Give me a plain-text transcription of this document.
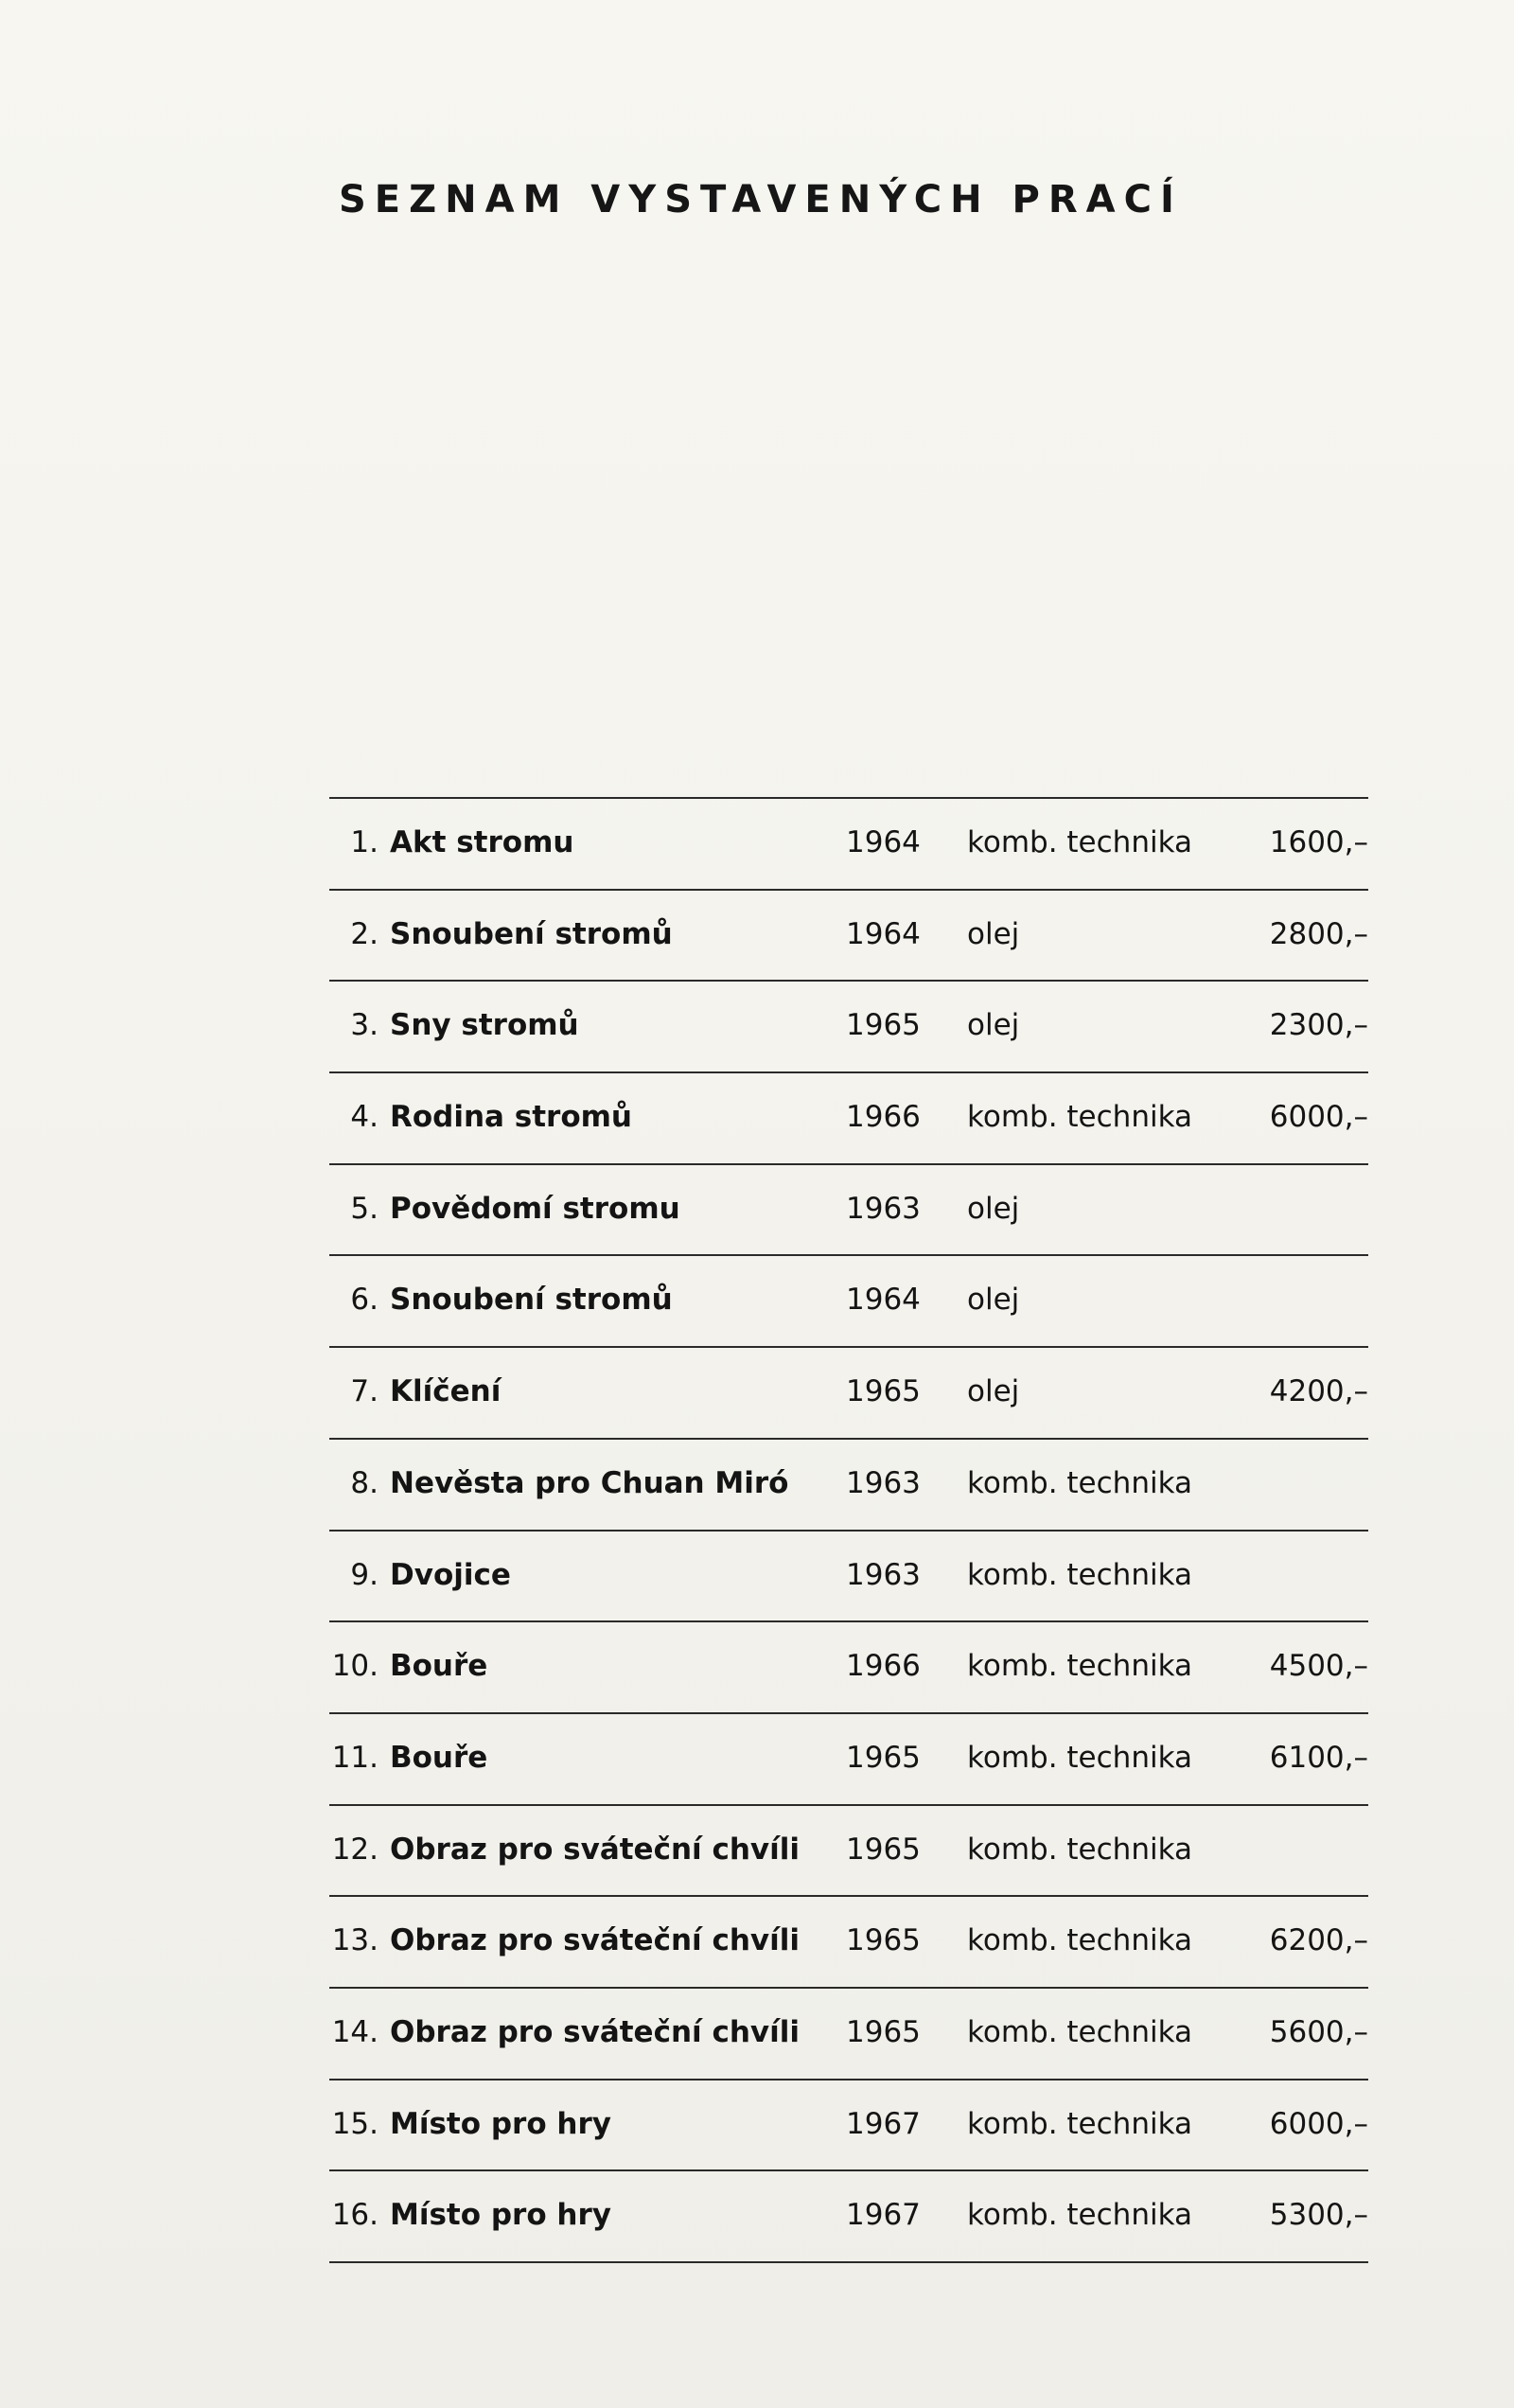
SEZNAM VYSTAVENÝCH PRACÍ
1. Akt stromu	1964 komb. technika	1600,–
2. Snoubení stromů	1964 olej	2800,–
3. Sny stromů	1965 olej	2300,–
4. Rodina stromů	1966 komb. technika	6000,–
5. Povědomí stromu	1963 olej
6. Snoubení stromů	1964 olej
7. Klíčení	1965 olej	4200,–
8. Nevěsta pro Chuan Miró 1963 komb. technika
9. Dvojice	1963 komb. technika
10. Bouře	1966 komb. technika	4500,–
11. Bouře	1965 komb. technika	6100,–
12. Obraz pro sváteční chvíli 1965 komb. technika
13. Obraz pro sváteční chvíli 1965 komb. technika	6200,–
14. Obraz pro sváteční chvíli 1965 komb. technika	5600,–
15. Místo pro hry	1967 komb. technika	6000,–
16. Místo pro hry	1967 komb. technika	5300,–
